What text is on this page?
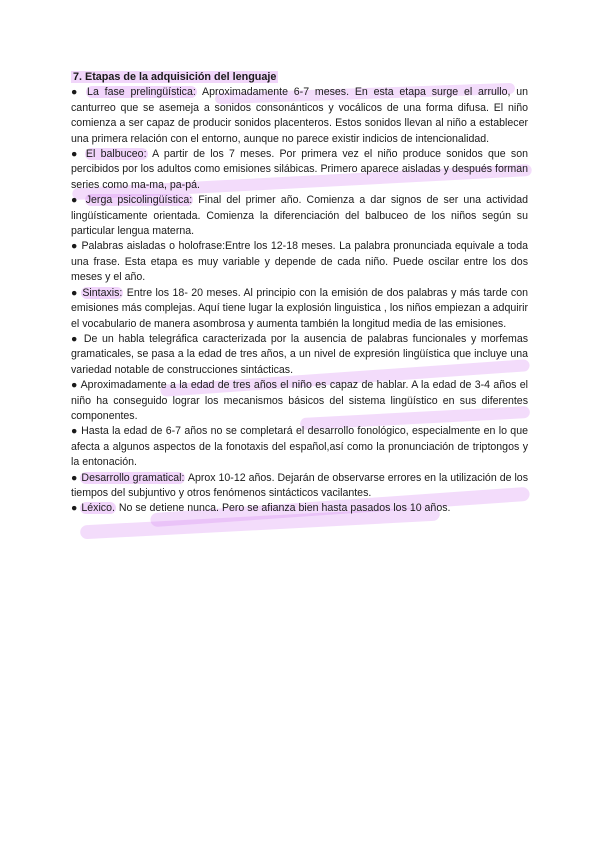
7. Etapas de la adquisición del lenguaje

● La fase prelingüística: Aproximadamente 6-7 meses. En esta etapa surge el arrullo, un canturreo que se asemeja a sonidos consonánticos y vocálicos de una forma difusa. El niño comienza a ser capaz de producir sonidos placenteros. Estos sonidos llevan al niño a establecer una primera relación con el entorno, aunque no parece existir indicios de intencionalidad.

● El balbuceo: A partir de los 7 meses. Por primera vez el niño produce sonidos que son percibidos por los adultos como emisiones silábicas. Primero aparece aisladas y después forman series como ma-ma, pa-pá.

● Jerga psicolingüística: Final del primer año. Comienza a dar signos de ser una actividad lingüísticamente orientada. Comienza la diferenciación del balbuceo de los niños según su particular lengua materna.

● Palabras aisladas o holofrase:Entre los 12-18 meses. La palabra pronunciada equivale a toda una frase. Esta etapa es muy variable y depende de cada niño. Puede oscilar entre los dos meses y el año.

● Sintaxis: Entre los 18- 20 meses. Al principio con la emisión de dos palabras y más tarde con emisiones más complejas. Aquí tiene lugar la explosión linguistica , los niños empiezan a adquirir el vocabulario de manera asombrosa y aumenta también la longitud media de las emisiones.

● De un habla telegráfica caracterizada por la ausencia de palabras funcionales y morfemas gramaticales, se pasa a la edad de tres años, a un nivel de expresión lingüística que incluye una variedad notable de construcciones sintácticas.

● Aproximadamente a la edad de tres años el niño es capaz de hablar. A la edad de 3-4 años el niño ha conseguido lograr los mecanismos básicos del sistema lingüístico en sus diferentes componentes.

● Hasta la edad de 6-7 años no se completará el desarrollo fonológico, especialmente en lo que afecta a algunos aspectos de la fonotaxis del español,así como la pronunciación de triptongos y la entonación.

● Desarrollo gramatical: Aprox 10-12 años. Dejarán de observarse errores en la utilización de los tiempos del subjuntivo y otros fenómenos sintácticos vacilantes.

● Léxico. No se detiene nunca. Pero se afianza bien hasta pasados los 10 años.
